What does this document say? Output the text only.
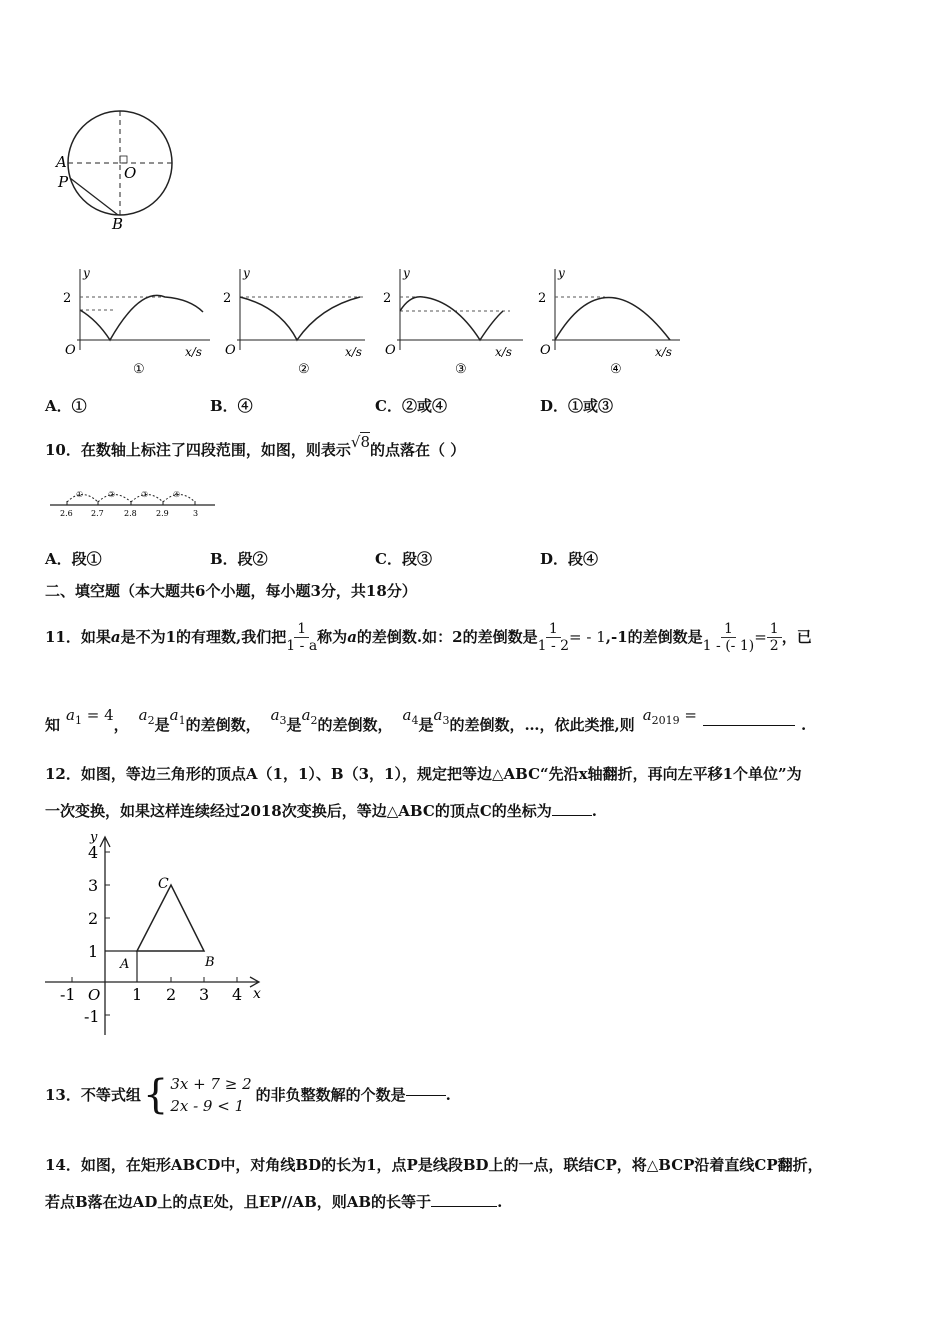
A
O
P
B
y
2
O	x/s
①
y
2
O	x/s
②
y
2
O	x/s
③
y
2
O	x/s
④
A．①	B．④	C．②或④	D．①或③
10．在数轴上标注了四段范围，如图，则表示√8的点落在（ ）
①	②	③	④
2.6 2.7	2.8 2.9	3
A．段①	B．段②	C．段③	D．段④
二、填空题（本大题共6个小题，每小题3分，共18分）
11．如果 a 是不为1的有理数,我们把 $\frac{1}{1 - a}$ 称为 a 的差倒数.如：2的差倒数是 $\frac{1}{1 - 2}$ = - 1 ,-1的差倒数是 $\frac{1}{1 - (- 1)} = \frac{1}{2}$ ，已
知
$a_1 = 4$
，
$a_2$ 是
$a_1$ 的差倒数，
$a_3$ 是
$a_2$ 的差倒数，
$a_4$ 是
$a_3$ 的差倒数，…，依此类推,则
$a_{2019}$ =
.
12．如图，等边三角形的顶点A（1，1）、B（3，1），规定把等边△ABC“先沿x轴翻折，再向左平移1个单位”为
一次变换，如果这样连续经过2018次变换后，等边△ABC的顶点C的坐标为	.
y
x
O
4
3
2
1
-1
-1	1 2 3 4
A	B
C
13．不等式组 { 3x + 7 ≥ 2
2x - 9 < 1
的非负整数解的个数是	.
14．如图，在矩形ABCD中，对角线BD的长为1，点P是线段BD上的一点，联结CP，将△BCP沿着直线CP翻折，
若点B落在边AD上的点E处，且EP//AB，则AB的长等于	.
